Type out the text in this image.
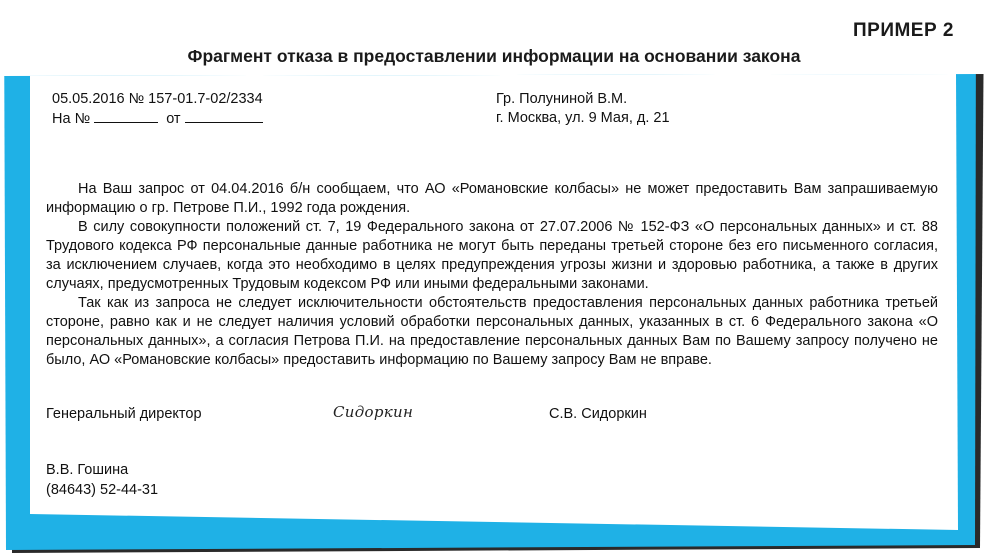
ПРИМЕР 2
Фрагмент отказа в предоставлении информации на основании закона
05.05.2016 № 157-01.7-02/2334
На №	от
Гр. Полуниной В.М.
г. Москва, ул. 9 Мая, д. 21

На Ваш запрос от 04.04.2016 б/н сообщаем, что АО «Романовские колбасы» не может предоставить Вам запрашиваемую информацию о гр. Петрове П.И., 1992 года рождения.

В силу совокупности положений ст. 7, 19 Федерального закона от 27.07.2006 № 152-ФЗ «О персональных данных» и ст. 88 Трудового кодекса РФ персональные данные работника не могут быть переданы третьей стороне без его письменного согласия, за исключением случаев, когда это необходимо в целях предупреждения угрозы жизни и здоровью работника, а также в других случаях, предусмотренных Трудовым кодексом РФ или иными федеральными законами.

Так как из запроса не следует исключительности обстоятельств предоставления персональных данных работника третьей стороне, равно как и не следует наличия условий обработки персональных данных, указанных в ст. 6 Федерального закона «О персональных данных», а согласия Петрова П.И. на предоставление персональных данных Вам по Вашему запросу получено не было, АО «Романовские колбасы» предоставить информацию по Вашему запросу Вам не вправе.

Генеральный директор	Сидоркин	С.В. Сидоркин
В.В. Гошина
(84643) 52-44-31
